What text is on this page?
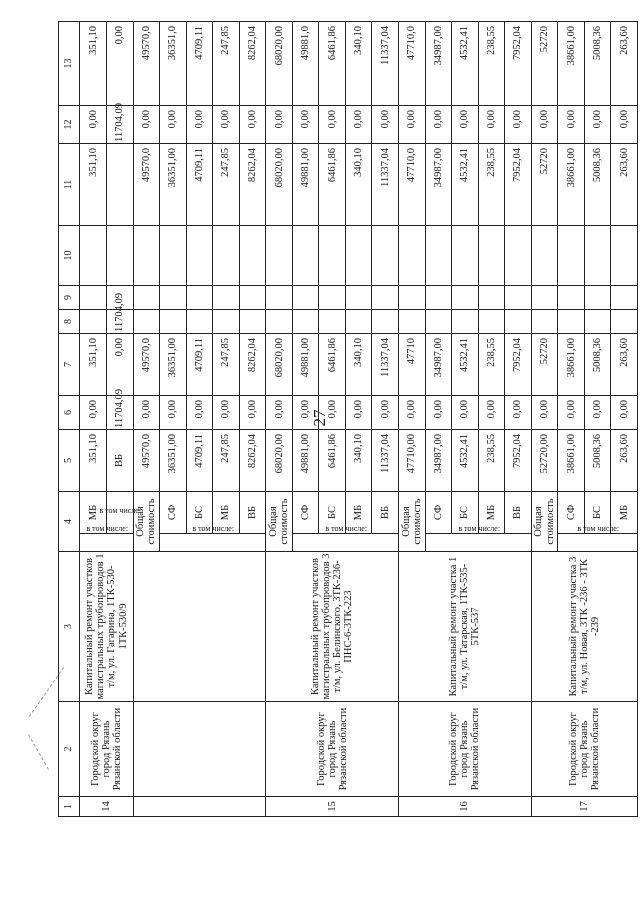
27
1	2	3	4		5	6	7	8	9	10	11	12	13	
14	Городской округ город Рязань Рязанской области	Капитальный ремонт участков магистральных трубопроводов 1 т/м, ул. Гагарина, 1ТК-530-1ТК-530/9	в том числе:	МБ	351,10	0,00	351,10				351,10	0,00	351,10	
				в том числе:	ВБ	11704,09	0,00	11704,09				11704,09	0,00	
			Общая стоимость		49570,0	0,00	49570,0				49570,0	0,00	49570,0	
			в том числе:	СФ	36351,00	0,00	36351,00				36351,00	0,00	36351,0	
				БС	4709,11	0,00	4709,11				4709,11	0,00	4709,11	
				МБ	247,85	0,00	247,85				247,85	0,00	247,85	
				ВБ	8262,04	0,00	8262,04				8262,04	0,00	8262,04	
15	Городской округ город Рязань Рязанской области	Капитальный ремонт участков магистральных трубопроводов 3 т/м, ул. Белинского, 3ТК-236-ПНС-6-3ТК-223	Общая стоимость		68020,00	0,00	68020,00				68020,00	0,00	68020,00	
			в том числе:	СФ	49881,00	0,00	49881,00				49881,00	0,00	49881,0	
				БС	6461,86	0,00	6461,86				6461,86	0,00	6461,86	
				МБ	340,10	0,00	340,10				340,10	0,00	340,10	
				ВБ	11337,04	0,00	11337,04				11337,04	0,00	11337,04	
16	Городской округ город Рязань Рязанской области	Капитальный ремонт участка 1 т/м, ул. Татарская, 1ТК-535-5ТК-537	Общая стоимость		47710,00	0,00	47710				47710,0	0,00	47710,0	
			в том числе:	СФ	34987,00	0,00	34987,00				34987,00	0,00	34987,00	
				БС	4532,41	0,00	4532,41				4532,41	0,00	4532,41	
				МБ	238,55	0,00	238,55				238,55	0,00	238,55	
				ВБ	7952,04	0,00	7952,04				7952,04	0,00	7952,04	
17	Городской округ город Рязань Рязанской области	Капитальный ремонт участка 3 т/м, ул. Новая, 3ТК -236 - 3ТК -239	Общая стоимость		52720,00	0,00	52720				52720	0,00	52720	
			в том числе:	СФ	38661,00	0,00	38661,00				38661,00	0,00	38661,00	
				БС	5008,36	0,00	5008,36				5008,36	0,00	5008,36	
				МБ	263,60	0,00	263,60				263,60	0,00	263,60	
